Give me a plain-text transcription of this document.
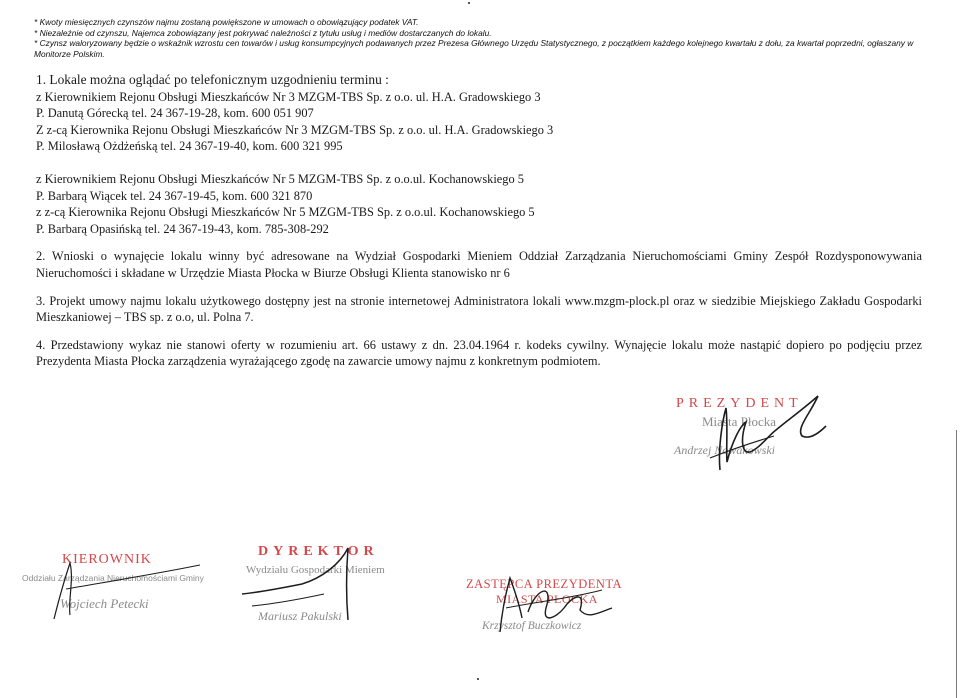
* Kwoty miesięcznych czynszów najmu zostaną powiększone w umowach o obowiązujący podatek VAT.

* Niezależnie od czynszu, Najemca zobowiązany jest pokrywać należności z tytułu usług i mediów dostarczanych do lokalu.

* Czynsz waloryzowany będzie o wskaźnik wzrostu cen towarów i usług konsumpcyjnych podawanych przez Prezesa Głównego Urzędu Statystycznego, z początkiem każdego kolejnego kwartału z dołu, za kwartał poprzedni, ogłaszany w Monitorze Polskim.

1. Lokale można oglądać po telefonicznym uzgodnieniu terminu :

z Kierownikiem Rejonu Obsługi Mieszkańców Nr 3 MZGM-TBS Sp. z o.o. ul. H.A. Gradowskiego 3

P. Danutą Górecką tel. 24 367-19-28, kom. 600 051 907

Z z-cą Kierownika Rejonu Obsługi Mieszkańców Nr 3 MZGM-TBS Sp. z o.o. ul. H.A. Gradowskiego 3

P. Milosławą Ożdżeńską tel. 24 367-19-40, kom. 600 321 995

z Kierownikiem Rejonu Obsługi Mieszkańców Nr 5 MZGM-TBS Sp. z o.o.ul. Kochanowskiego 5

P. Barbarą Wiącek tel. 24 367-19-45, kom. 600 321 870

z z-cą Kierownika Rejonu Obsługi Mieszkańców Nr 5 MZGM-TBS Sp. z o.o.ul. Kochanowskiego 5

P. Barbarą Opasińską tel. 24 367-19-43, kom. 785-308-292

2. Wnioski o wynajęcie lokalu winny być adresowane na Wydział Gospodarki Mieniem Oddział Zarządzania Nieruchomościami Gminy Zespół Rozdysponowywania Nieruchomości i składane w Urzędzie Miasta Płocka w Biurze Obsługi Klienta stanowisko nr 6

3. Projekt umowy najmu lokalu użytkowego dostępny jest na stronie internetowej Administratora lokali www.mzgm-plock.pl oraz w siedzibie Miejskiego Zakładu Gospodarki Mieszkaniowej – TBS sp. z o.o, ul. Polna 7.

4. Przedstawiony wykaz nie stanowi oferty w rozumieniu art. 66 ustawy z dn. 23.04.1964 r. kodeks cywilny. Wynajęcie lokalu może nastąpić dopiero po podjęciu przez Prezydenta Miasta Płocka zarządzenia wyrażającego zgodę na zawarcie umowy najmu z konkretnym podmiotem.

PREZYDENT
Miasta Płocka
Andrzej Nowakowski
KIEROWNIK
Oddziału Zarządzania Nieruchomościami Gminy
Wojciech Petecki
DYREKTOR
Wydziału Gospodarki Mieniem
Mariusz Pakulski
ZASTĘPCA PREZYDENTA
MIASTA PŁOCKA
Krzysztof Buczkowicz
